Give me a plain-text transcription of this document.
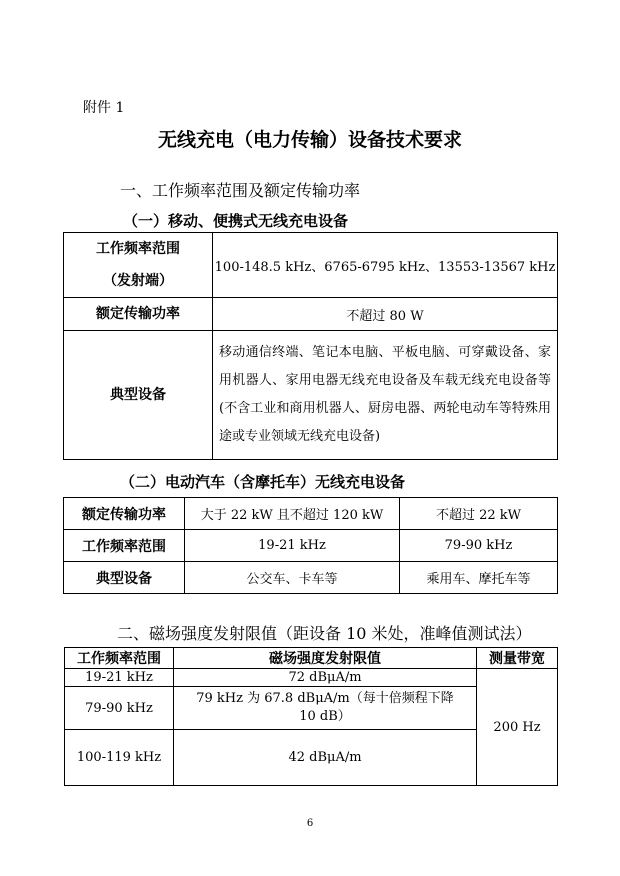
附件 1
无线充电（电力传输）设备技术要求
一、工作频率范围及额定传输功率
（一）移动、便携式无线充电设备
工作频率范围
（发射端）	100-148.5 kHz、6765-6795 kHz、13553-13567 kHz
额定传输功率	不超过 80 W
典型设备	移动通信终端、笔记本电脑、平板电脑、可穿戴设备、家用机器人、家用电器无线充电设备及车载无线充电设备等(不含工业和商用机器人、厨房电器、两轮电动车等特殊用途或专业领域无线充电设备)
（二）电动汽车（含摩托车）无线充电设备
额定传输功率	大于 22 kW 且不超过 120 kW	不超过 22 kW
工作频率范围	19-21 kHz	79-90 kHz
典型设备	公交车、卡车等	乘用车、摩托车等
二、磁场强度发射限值（距设备 10 米处，准峰值测试法）
工作频率范围	磁场强度发射限值	测量带宽
19-21 kHz	72 dBμA/m	200 Hz
79-90 kHz	79 kHz 为 67.8 dBμA/m（每十倍频程下降
10 dB）	

100-119 kHz	42 dBμA/m	
6
